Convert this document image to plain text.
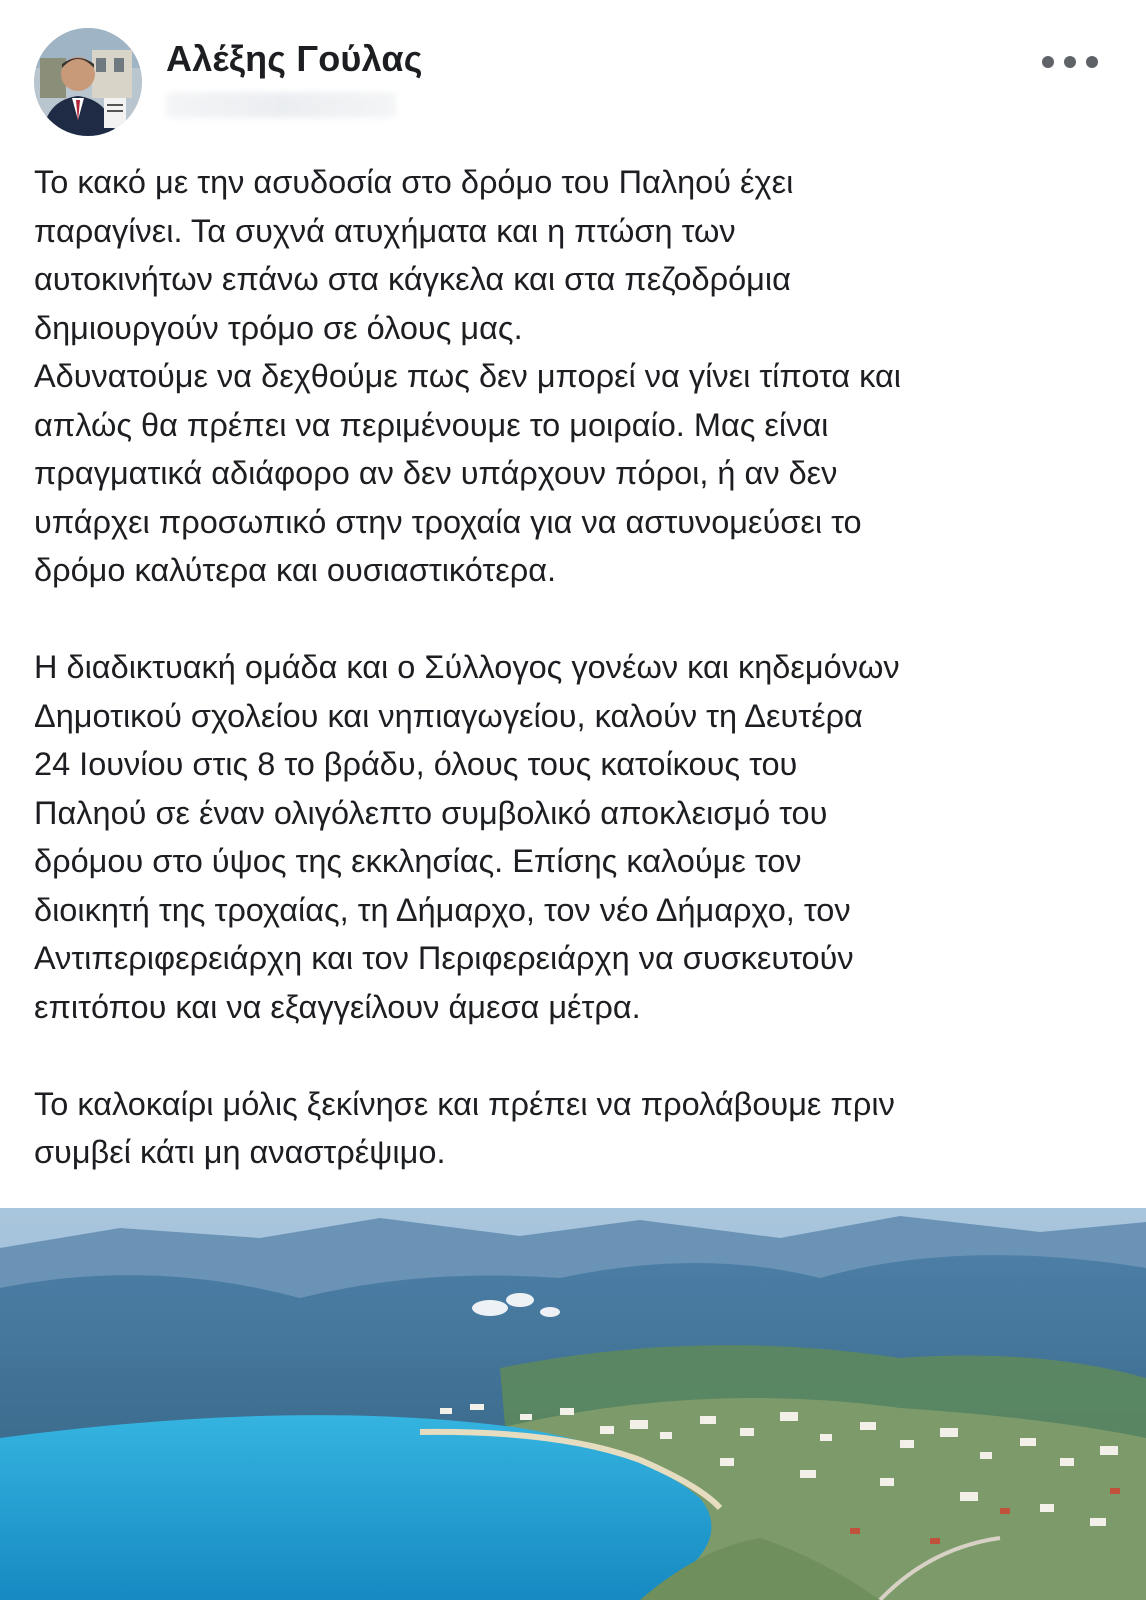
Αλέξης Γούλας

Το κακό με την ασυδοσία στο δρόμο του Παληού έχει
παραγίνει. Τα συχνά ατυχήματα και η πτώση των
αυτοκινήτων επάνω στα κάγκελα και στα πεζοδρόμια
δημιουργούν τρόμο σε όλους μας.

Αδυνατούμε να δεχθούμε πως δεν μπορεί να γίνει τίποτα και
απλώς θα πρέπει να περιμένουμε το μοιραίο. Μας είναι
πραγματικά αδιάφορο αν δεν υπάρχουν πόροι, ή αν δεν
υπάρχει προσωπικό στην τροχαία για να αστυνομεύσει το
δρόμο καλύτερα και ουσιαστικότερα.

Η διαδικτυακή ομάδα και ο Σύλλογος γονέων και κηδεμόνων
Δημοτικού σχολείου και νηπιαγωγείου, καλούν τη Δευτέρα
24 Ιουνίου στις 8 το βράδυ, όλους τους κατοίκους του
Παληού σε έναν ολιγόλεπτο συμβολικό αποκλεισμό του
δρόμου στο ύψος της εκκλησίας. Επίσης καλούμε τον
διοικητή της τροχαίας, τη Δήμαρχο, τον νέο Δήμαρχο, τον
Αντιπεριφερειάρχη και τον Περιφερειάρχη να συσκευτούν
επιτόπου και να εξαγγείλουν άμεσα μέτρα.

Το καλοκαίρι μόλις ξεκίνησε και πρέπει να προλάβουμε πριν
συμβεί κάτι μη αναστρέψιμο.
